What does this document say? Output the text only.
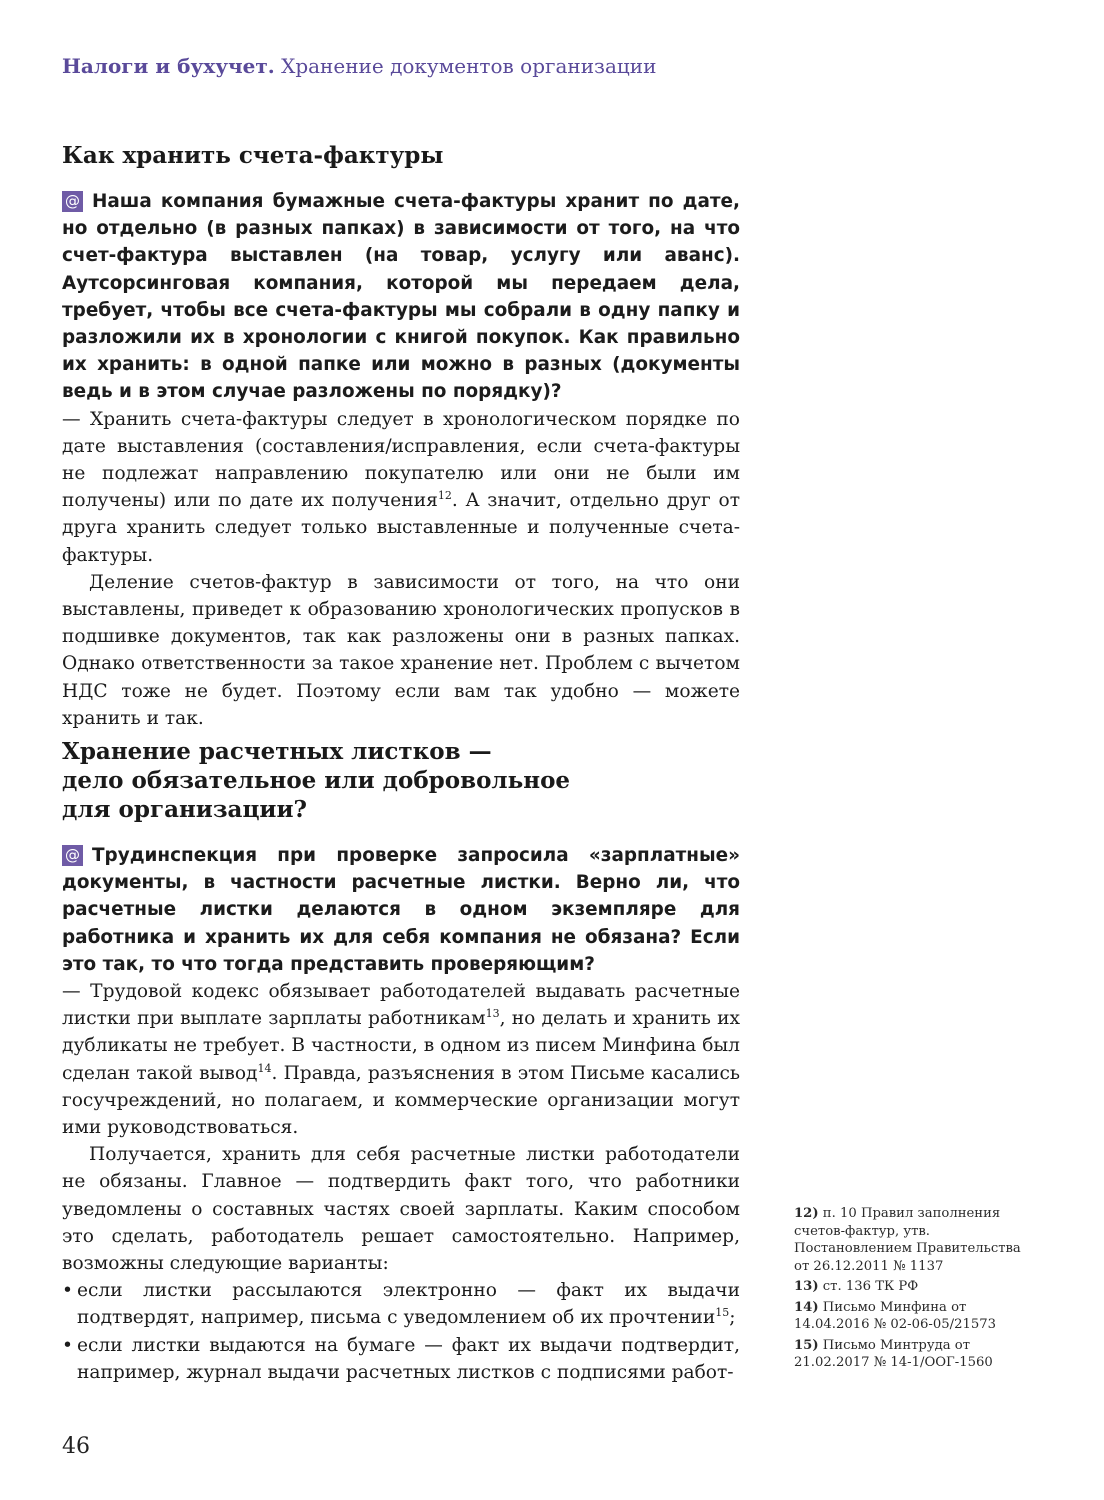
Налоги и бухучет. Хранение документов организации
Как хранить счета-фактуры

@ Наша компания бумажные счета-фактуры хранит по дате, но отдельно (в разных папках) в зависимости от того, на что счет-фактура выставлен (на товар, услугу или аванс). Аутсорсинговая компания, которой мы передаем дела, требует, чтобы все счета-фактуры мы собрали в одну папку и разложили их в хронологии с книгой покупок. Как правильно их хранить: в одной папке или можно в разных (документы ведь и в этом случае разложены по порядку)?

— Хранить счета-фактуры следует в хронологическом порядке по дате выставления (составления/исправления, если счета-фактуры не подлежат направлению покупателю или они не были им получены) или по дате их получения$^{12}$. А значит, отдельно друг от друга хранить следует только выставленные и полученные счета-фактуры.

Деление счетов-фактур в зависимости от того, на что они выставлены, приведет к образованию хронологических пропусков в подшивке документов, так как разложены они в разных папках. Однако ответственности за такое хранение нет. Проблем с вычетом НДС тоже не будет. Поэтому если вам так удобно — можете хранить и так.

Хранение расчетных листков —
дело обязательное или добровольное
для организации?

@ Трудинспекция при проверке запросила «зарплатные» документы, в частности расчетные листки. Верно ли, что расчетные листки делаются в одном экземпляре для работника и хранить их для себя компания не обязана? Если это так, то что тогда представить проверяющим?

— Трудовой кодекс обязывает работодателей выдавать расчетные листки при выплате зарплаты работникам$^{13}$, но делать и хранить их дубликаты не требует. В частности, в одном из писем Минфина был сделан такой вывод$^{14}$. Правда, разъяснения в этом Письме касались госучреждений, но полагаем, и коммерческие организации могут ими руководствоваться.

Получается, хранить для себя расчетные листки работодатели не обязаны. Главное — подтвердить факт того, что работники уведомлены о составных частях своей зарплаты. Каким способом это сделать, работодатель решает самостоятельно. Например, возможны следующие варианты:

• если листки рассылаются электронно — факт их выдачи подтвердят, например, письма с уведомлением об их прочтении$^{15}$;
• если листки выдаются на бумаге — факт их выдачи подтвердит, например, журнал выдачи расчетных листков с подписями работ-
12) п. 10 Правил заполнения счетов-фактур, утв. Постановлением Правительства от 26.12.2011 № 1137
13) ст. 136 ТК РФ
14) Письмо Минфина от 14.04.2016 № 02-06-05/21573
15) Письмо Минтруда от 21.02.2017 № 14-1/ООГ-1560
46
